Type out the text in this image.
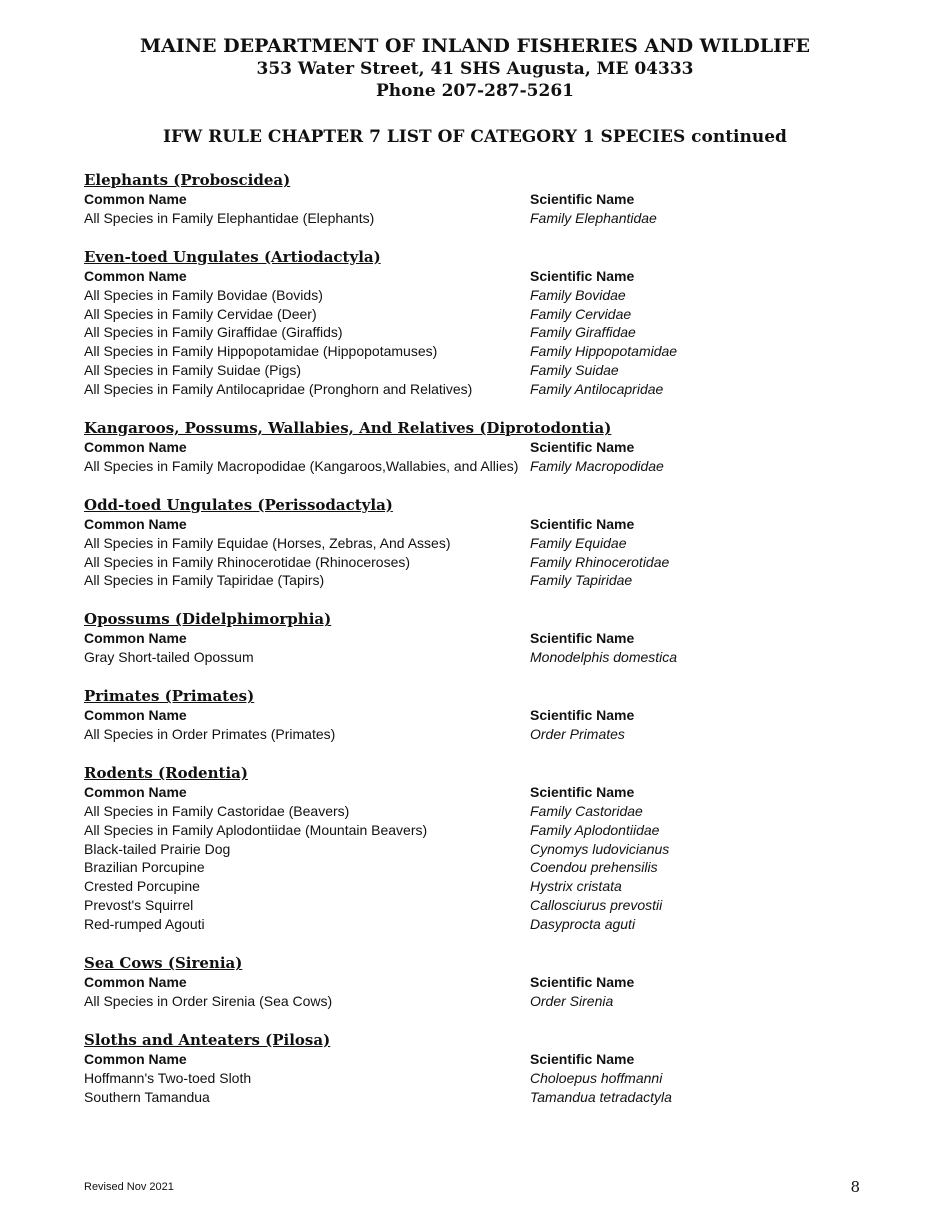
MAINE DEPARTMENT OF INLAND FISHERIES AND WILDLIFE
353 Water Street, 41 SHS Augusta, ME 04333
Phone 207-287-5261
IFW RULE CHAPTER 7 LIST OF CATEGORY 1 SPECIES continued
Elephants (Proboscidea)
Common Name	Scientific Name
All Species in Family Elephantidae (Elephants)	Family Elephantidae
Even-toed Ungulates (Artiodactyla)
Common Name	Scientific Name
All Species in Family Bovidae (Bovids)	Family Bovidae
All Species in Family Cervidae (Deer)	Family Cervidae
All Species in Family Giraffidae (Giraffids)	Family Giraffidae
All Species in Family Hippopotamidae (Hippopotamuses)	Family Hippopotamidae
All Species in Family Suidae (Pigs)	Family Suidae
All Species in Family Antilocapridae (Pronghorn and Relatives)	Family Antilocapridae
Kangaroos, Possums, Wallabies, And Relatives (Diprotodontia)
Common Name	Scientific Name
All Species in Family Macropodidae (Kangaroos,Wallabies, and Allies) Family Macropodidae
Odd-toed Ungulates (Perissodactyla)
Common Name	Scientific Name
All Species in Family Equidae (Horses, Zebras, And Asses)	Family Equidae
All Species in Family Rhinocerotidae (Rhinoceroses)	Family Rhinocerotidae
All Species in Family Tapiridae (Tapirs)	Family Tapiridae
Opossums (Didelphimorphia)
Common Name	Scientific Name
Gray Short-tailed Opossum	Monodelphis domestica
Primates (Primates)
Common Name	Scientific Name
All Species in Order Primates (Primates)	Order Primates
Rodents (Rodentia)
Common Name	Scientific Name
All Species in Family Castoridae (Beavers)	Family Castoridae
All Species in Family Aplodontiidae (Mountain Beavers)	Family Aplodontiidae
Black-tailed Prairie Dog	Cynomys ludovicianus
Brazilian Porcupine	Coendou prehensilis
Crested Porcupine	Hystrix cristata
Prevost's Squirrel	Callosciurus prevostii
Red-rumped Agouti	Dasyprocta aguti
Sea Cows (Sirenia)
Common Name	Scientific Name
All Species in Order Sirenia (Sea Cows)	Order Sirenia
Sloths and Anteaters (Pilosa)
Common Name	Scientific Name
Hoffmann's Two-toed Sloth	Choloepus hoffmanni
Southern Tamandua	Tamandua tetradactyla
Revised Nov 2021	8
